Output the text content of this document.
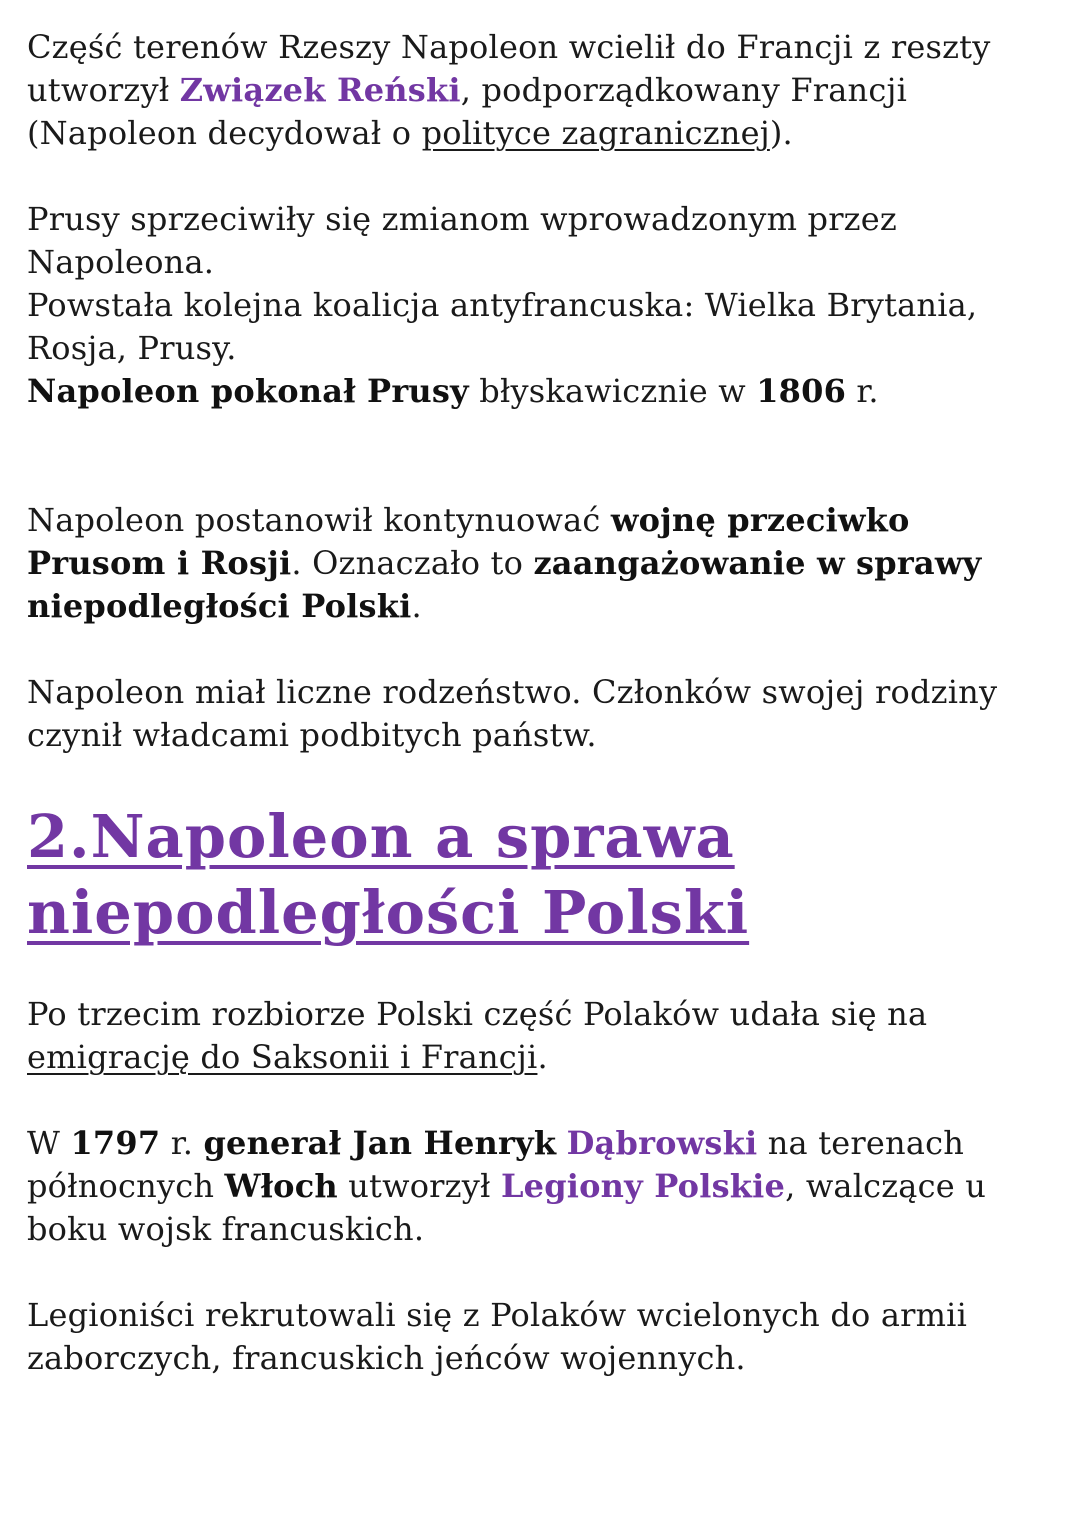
Część terenów Rzeszy Napoleon wcielił do Francji z reszty utworzył Związek Reński, podporządkowany Francji (Napoleon decydował o polityce zagranicznej).

Prusy sprzeciwiły się zmianom wprowadzonym przez Napoleona.

Powstała kolejna koalicja antyfrancuska: Wielka Brytania, Rosja, Prusy.

Napoleon pokonał Prusy błyskawicznie w 1806 r.

Napoleon postanowił kontynuować wojnę przeciwko Prusom i Rosji. Oznaczało to zaangażowanie w sprawy niepodległości Polski.

Napoleon miał liczne rodzeństwo. Członków swojej rodziny czynił władcami podbitych państw.

2.Napoleon a sprawa
niepodległości Polski

Po trzecim rozbiorze Polski część Polaków udała się na emigrację do Saksonii i Francji.

W 1797 r. generał Jan Henryk Dąbrowski na terenach północnych Włoch utworzył Legiony Polskie, walczące u boku wojsk francuskich.

Legioniści rekrutowali się z Polaków wcielonych do armii zaborczych, francuskich jeńców wojennych.
